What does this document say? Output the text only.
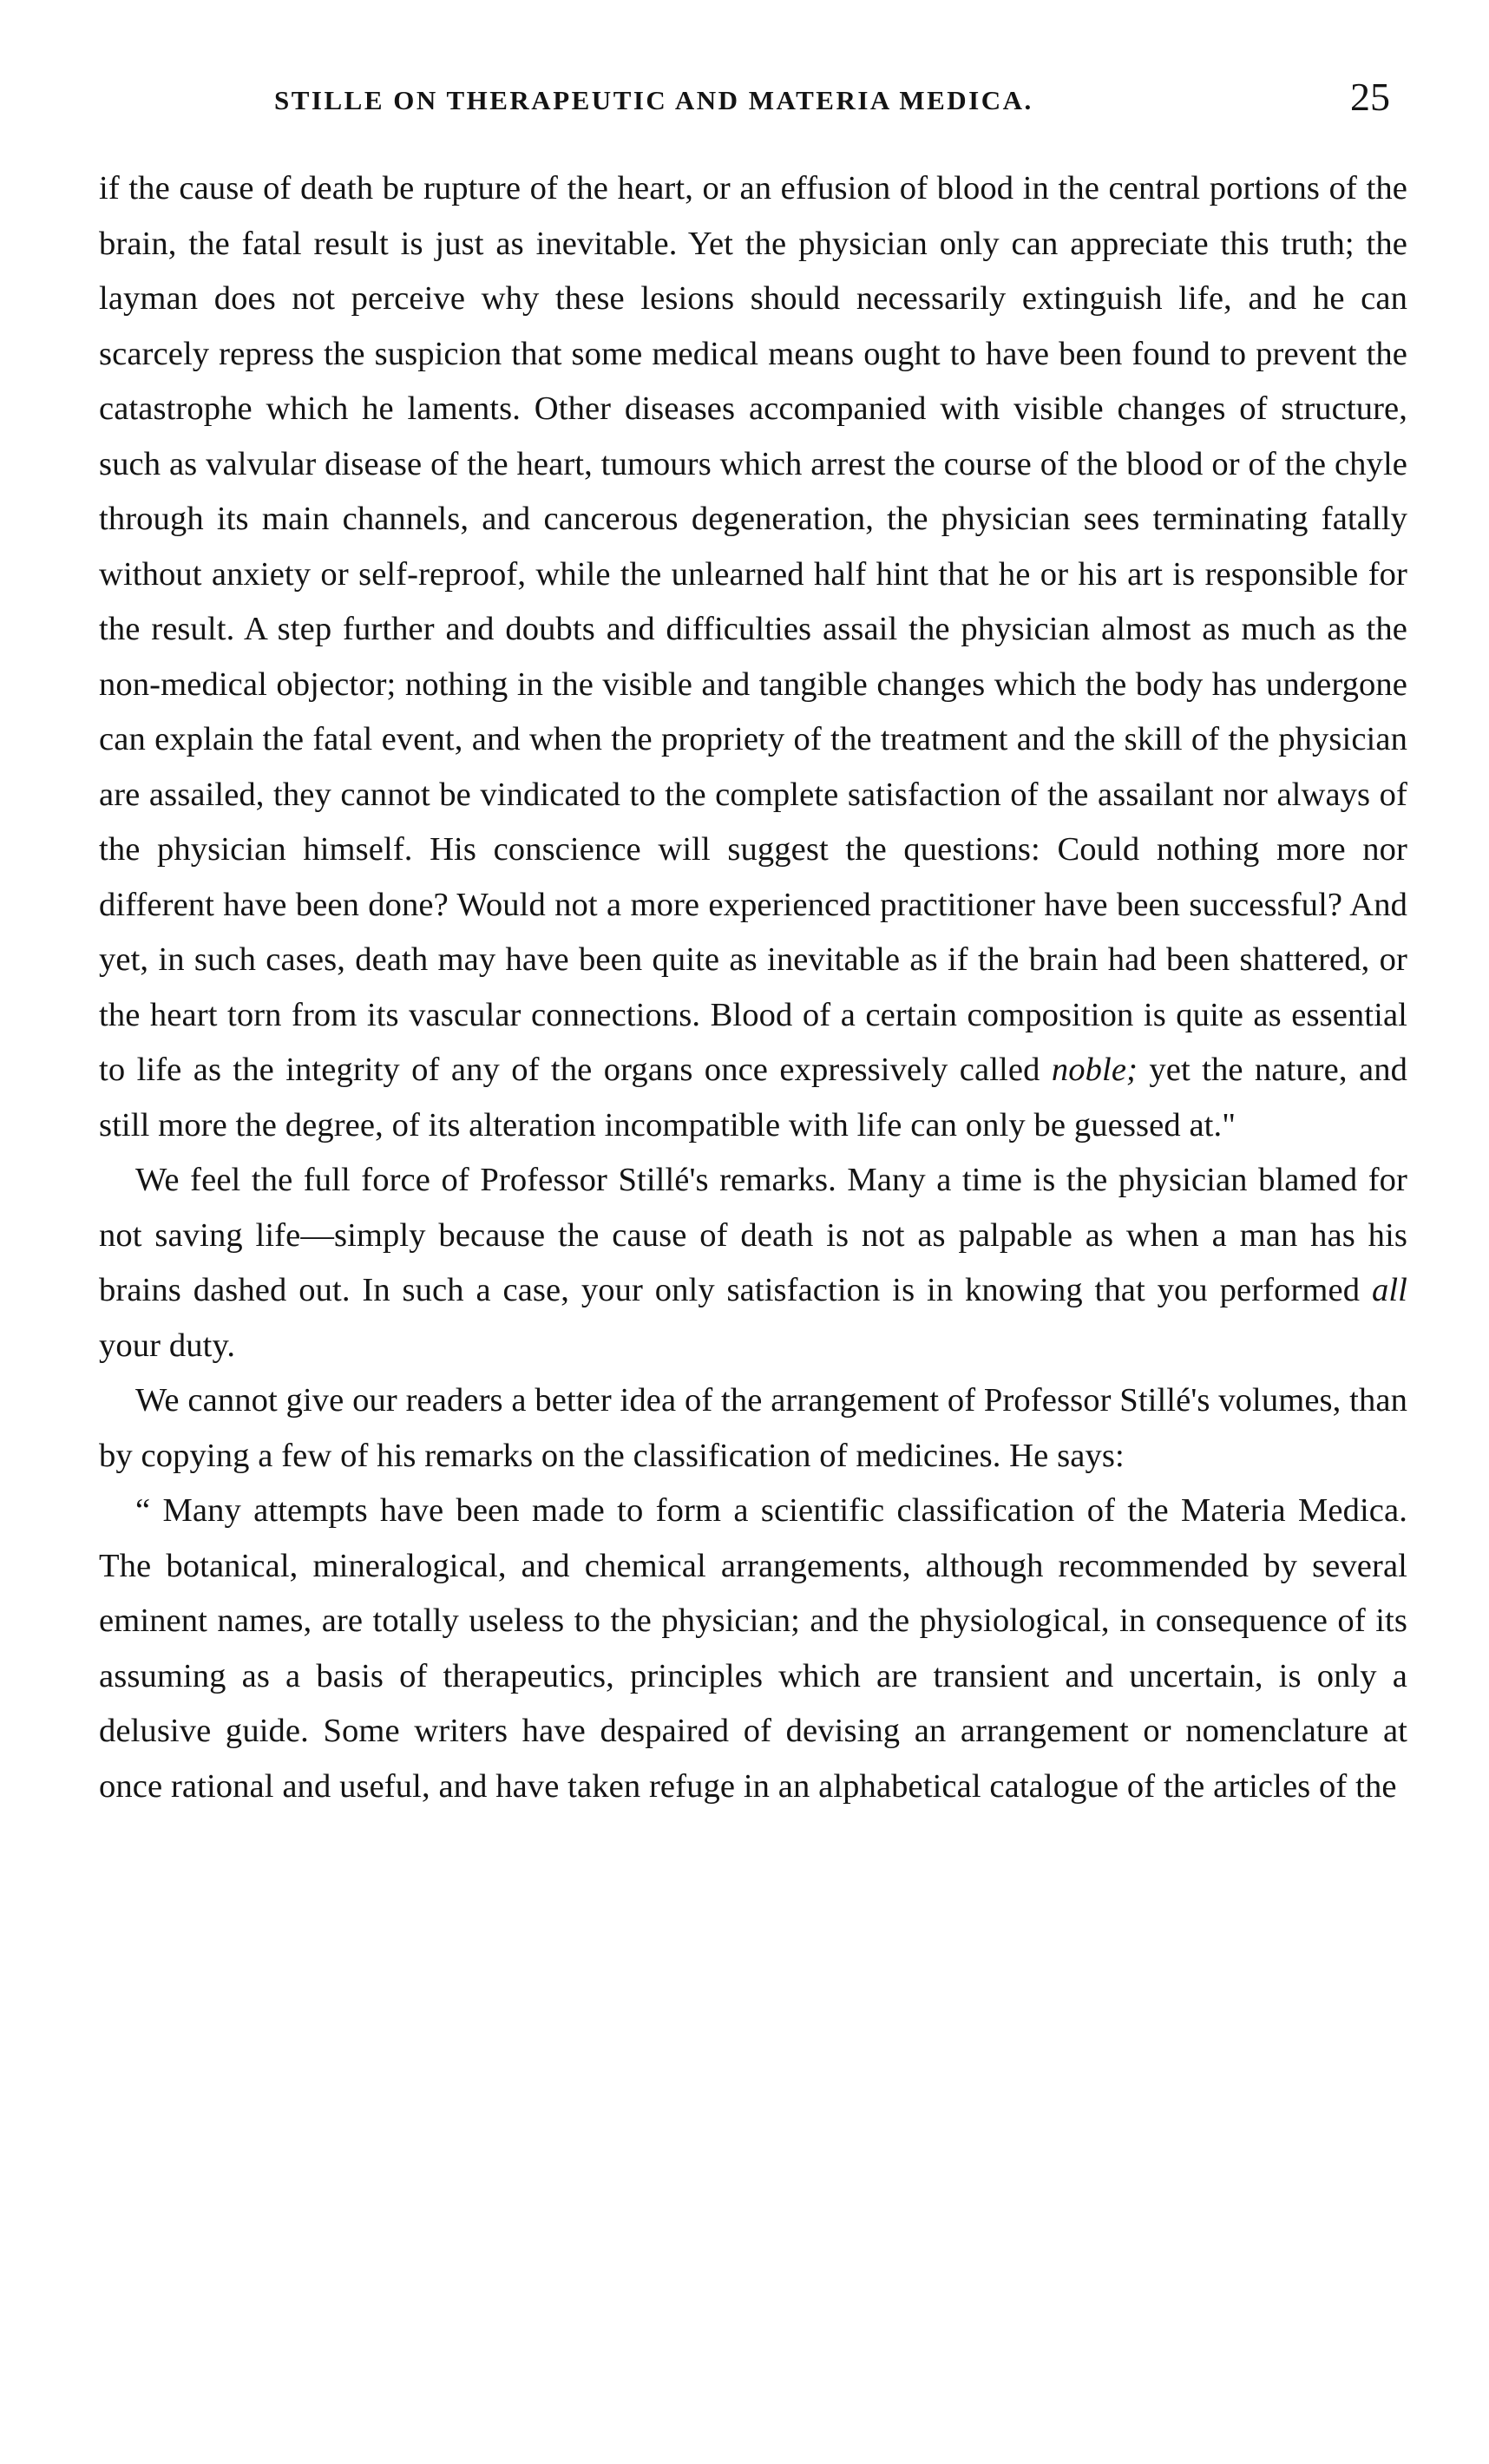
STILLE ON THERAPEUTIC AND MATERIA MEDICA.	25

if the cause of death be rupture of the heart, or an effusion of blood in the central portions of the brain, the fatal result is just as inevitable. Yet the physician only can appreciate this truth; the layman does not perceive why these lesions should necessarily extinguish life, and he can scarcely repress the suspicion that some medical means ought to have been found to prevent the catastrophe which he laments. Other diseases accompanied with visible changes of structure, such as valvular disease of the heart, tumours which arrest the course of the blood or of the chyle through its main channels, and cancerous degeneration, the physician sees terminating fatally without anxiety or self-reproof, while the unlearned half hint that he or his art is responsible for the result. A step further and doubts and difficulties assail the physician almost as much as the non-medical objector; nothing in the visible and tangible changes which the body has undergone can explain the fatal event, and when the propriety of the treatment and the skill of the physician are assailed, they cannot be vindicated to the complete satisfaction of the assailant nor always of the physician himself. His conscience will suggest the questions: Could nothing more nor different have been done? Would not a more experienced practitioner have been successful? And yet, in such cases, death may have been quite as inevitable as if the brain had been shattered, or the heart torn from its vascular connections. Blood of a certain composition is quite as essential to life as the integrity of any of the organs once expressively called noble; yet the nature, and still more the degree, of its alteration incompatible with life can only be guessed at."

We feel the full force of Professor Stillé's remarks. Many a time is the physician blamed for not saving life—simply because the cause of death is not as palpable as when a man has his brains dashed out. In such a case, your only satisfaction is in knowing that you performed all your duty.

We cannot give our readers a better idea of the arrangement of Professor Stillé's volumes, than by copying a few of his remarks on the classification of medicines. He says:

“ Many attempts have been made to form a scientific classification of the Materia Medica. The botanical, mineralogical, and chemical arrangements, although recommended by several eminent names, are totally useless to the physician; and the physiological, in consequence of its assuming as a basis of therapeutics, principles which are transient and uncertain, is only a delusive guide. Some writers have despaired of devising an arrangement or nomenclature at once rational and useful, and have taken refuge in an alphabetical catalogue of the articles of the
